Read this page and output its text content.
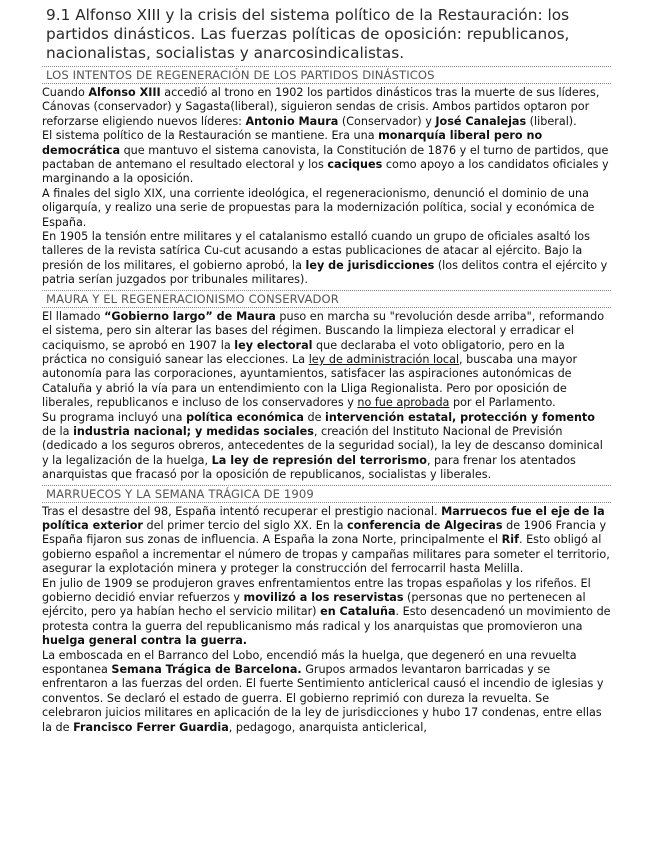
9.1 Alfonso XIII y la crisis del sistema político de la Restauración: los partidos dinásticos. Las fuerzas políticas de oposición: republicanos, nacionalistas, socialistas y anarcosindicalistas.
LOS INTENTOS DE REGENERACIÓN DE LOS PARTIDOS DINÁSTICOS

Cuando Alfonso XIII accedió al trono en 1902 los partidos dinásticos tras la muerte de sus líderes, Cánovas (conservador) y Sagasta(liberal), siguieron sendas de crisis. Ambos partidos optaron por reforzarse eligiendo nuevos líderes: Antonio Maura (Conservador) y José Canalejas (liberal).

El sistema político de la Restauración se mantiene. Era una monarquía liberal pero no democrática que mantuvo el sistema canovista, la Constitución de 1876 y el turno de partidos, que pactaban de antemano el resultado electoral y los caciques como apoyo a los candidatos oficiales y marginando a la oposición.

A finales del siglo XIX, una corriente ideológica, el regeneracionismo, denunció el dominio de una oligarquía, y realizo una serie de propuestas para la modernización política, social y económica de España.

En 1905 la tensión entre militares y el catalanismo estalló cuando un grupo de oficiales asaltó los talleres de la revista satírica Cu-cut acusando a estas publicaciones de atacar al ejército. Bajo la presión de los militares, el gobierno aprobó, la ley de jurisdicciones (los delitos contra el ejército y patria serían juzgados por tribunales militares).

MAURA Y EL REGENERACIONISMO CONSERVADOR

El llamado “Gobierno largo” de Maura puso en marcha su "revolución desde arriba", reformando el sistema, pero sin alterar las bases del régimen. Buscando la limpieza electoral y erradicar el caciquismo, se aprobó en 1907 la ley electoral que declaraba el voto obligatorio, pero en la práctica no consiguió sanear las elecciones. La ley de administración local, buscaba una mayor autonomía para las corporaciones, ayuntamientos, satisfacer las aspiraciones autonómicas de Cataluña y abrió la vía para un entendimiento con la Lliga Regionalista. Pero por oposición de liberales, republicanos e incluso de los conservadores y no fue aprobada por el Parlamento.

Su programa incluyó una política económica de intervención estatal, protección y fomento de la industria nacional; y medidas sociales, creación del Instituto Nacional de Previsión (dedicado a los seguros obreros, antecedentes de la seguridad social), la ley de descanso dominical y la legalización de la huelga, La ley de represión del terrorismo, para frenar los atentados anarquistas que fracasó por la oposición de republicanos, socialistas y liberales.

MARRUECOS Y LA SEMANA TRÁGICA DE 1909

Tras el desastre del 98, España intentó recuperar el prestigio nacional. Marruecos fue el eje de la política exterior del primer tercio del siglo XX. En la conferencia de Algeciras de 1906 Francia y España fijaron sus zonas de influencia. A España la zona Norte, principalmente el Rif. Esto obligó al gobierno español a incrementar el número de tropas y campañas militares para someter el territorio, asegurar la explotación minera y proteger la construcción del ferrocarril hasta Melilla.

En julio de 1909 se produjeron graves enfrentamientos entre las tropas españolas y los rifeños. El gobierno decidió enviar refuerzos y movilizó a los reservistas (personas que no pertenecen al ejército, pero ya habían hecho el servicio militar) en Cataluña. Esto desencadenó un movimiento de protesta contra la guerra del republicanismo más radical y los anarquistas que promovieron una huelga general contra la guerra.

La emboscada en el Barranco del Lobo, encendió más la huelga, que degeneró en una revuelta espontanea Semana Trágica de Barcelona. Grupos armados levantaron barricadas y se enfrentaron a las fuerzas del orden. El fuerte Sentimiento anticlerical causó el incendio de iglesias y conventos. Se declaró el estado de guerra. El gobierno reprimió con dureza la revuelta. Se celebraron juicios militares en aplicación de la ley de jurisdicciones y hubo 17 condenas, entre ellas la de Francisco Ferrer Guardia, pedagogo, anarquista anticlerical,
